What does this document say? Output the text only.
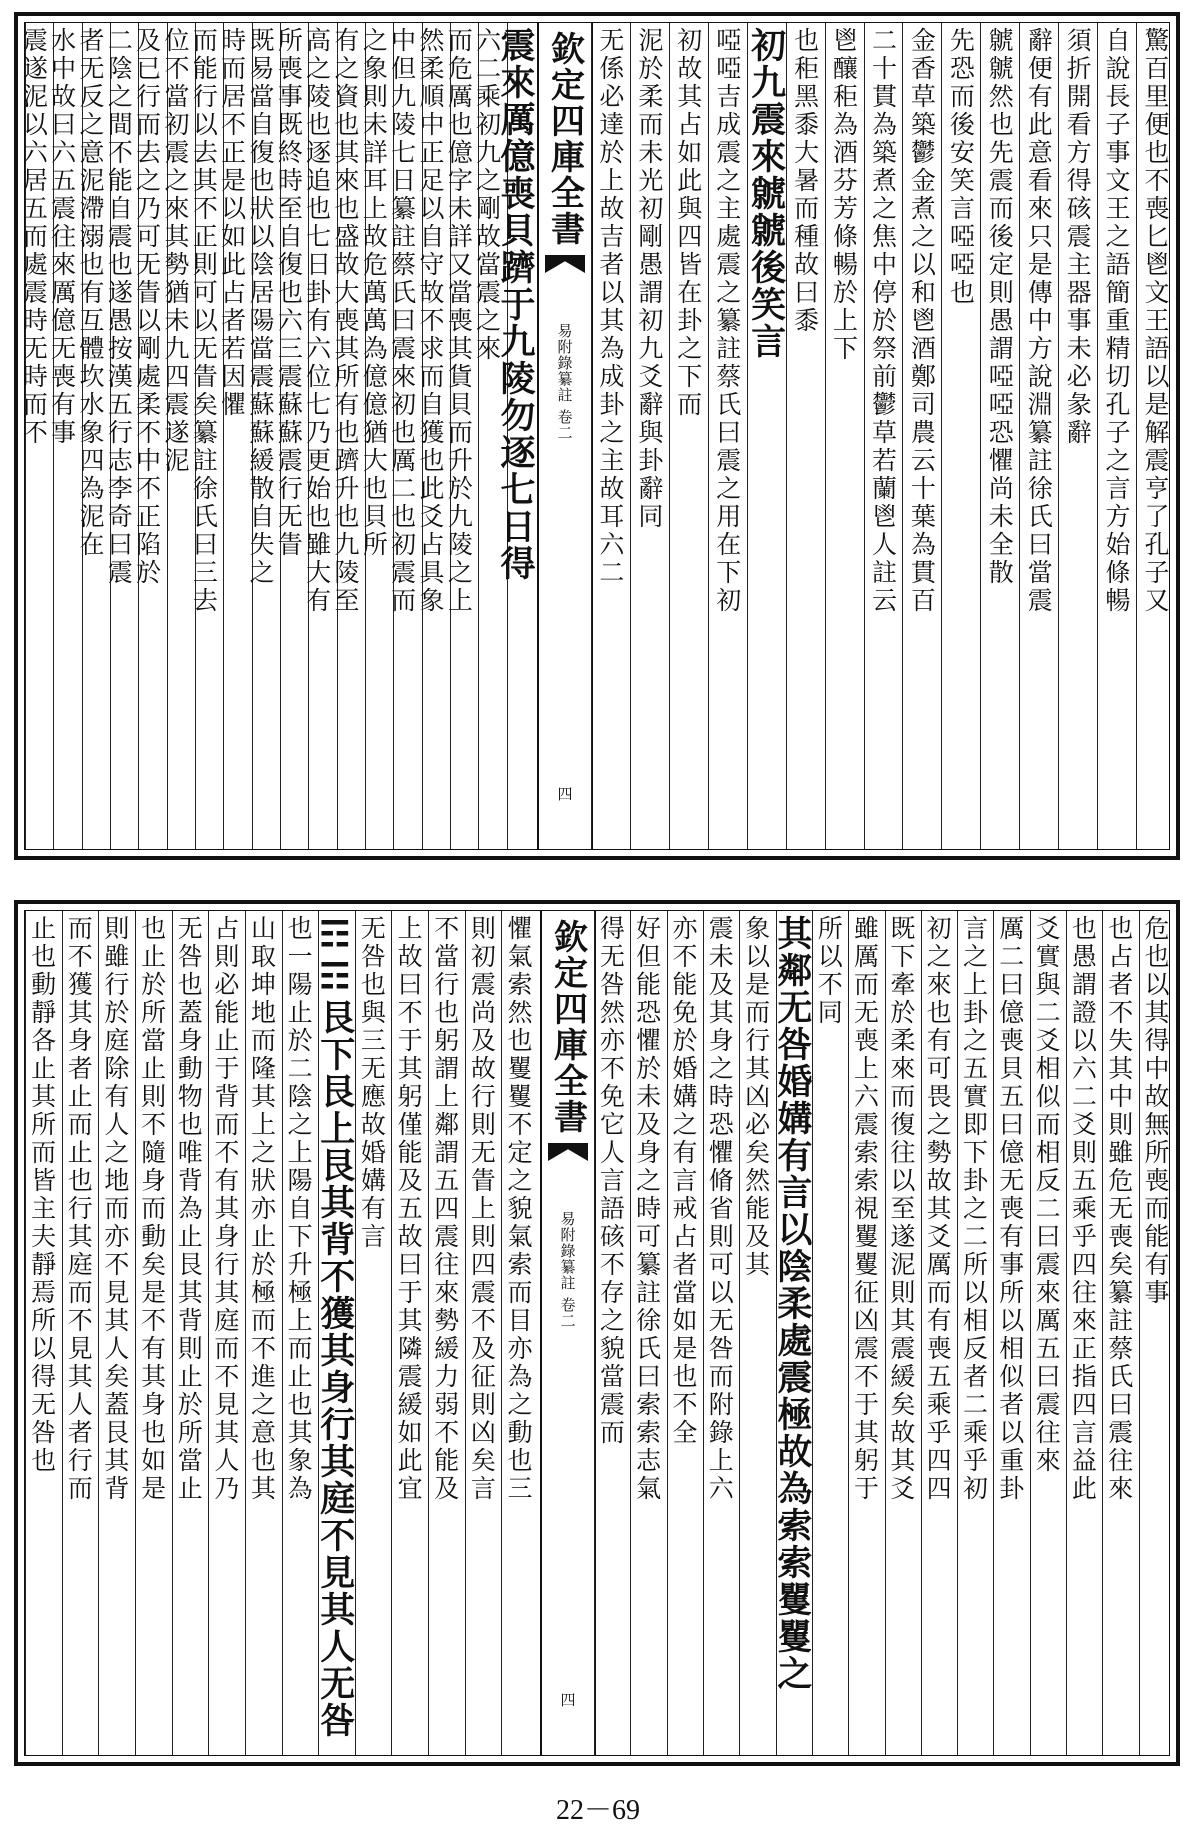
欽定四庫全書
易附錄纂註 卷二
四
驚百里便也不喪匕鬯文王語以是解震亨了孔子又
自說長子事文王之語簡重精切孔子之言方始條暢
須折開看方得硋震主器事未必彖辭
辭便有此意看來只是傳中方說淵纂註徐氏曰當震
虩虩然也先震而後定則愚謂啞啞恐懼尚未全散
先恐而後安笑言啞啞也
金香草築鬱金煮之以和鬯酒鄭司農云十葉為貫百
二十貫為築煮之焦中停於祭前鬱草若蘭鬯人註云
鬯釀秬為酒芬芳條暢於上下
也秬黑黍大暑而種故曰黍
初九震來虩虩後笑言
啞啞吉成震之主處震之纂註蔡氏曰震之用在下初
初故其占如此與四皆在卦之下而
泥於柔而未光初剛愚謂初九爻辭與卦辭同
无係必達於上故吉者以其為成卦之主故耳六二
震來厲億喪貝躋于九陵勿逐七日得
六二乘初九之剛故當震之來
而危厲也億字未詳又當喪其貨貝而升於九陵之上
然柔順中正足以自守故不求而自獲也此爻占具象
中但九陵七日纂註蔡氏曰震來初也厲二也初震而
之象則未詳耳上故危萬萬為億億猶大也貝所
有之資也其來也盛故大喪其所有也躋升也九陵至
高之陵也逐追也七日卦有六位七乃更始也雖大有
所喪事既終時至自復也六三震蘇蘇震行无眚
既易當自復也狀以陰居陽當震蘇蘇緩散自失之
時而居不正是以如此占者若因懼
而能行以去其不正則可以无眚矣纂註徐氏曰三去
位不當初震之來其勢猶未九四震遂泥
及已行而去之乃可无眚以剛處柔不中不正陷於
二陰之間不能自震也遂愚按漢五行志李奇曰震
者无反之意泥滯溺也有互體坎水象四為泥在
水中故曰六五震往來厲億无喪有事
震遂泥以六居五而處震時无時而不
欽定四庫全書
易附錄纂註 卷二
四
危也以其得中故無所喪而能有事
也占者不失其中則雖危无喪矣纂註蔡氏曰震往來
也愚謂證以六二爻則五乘乎四往來正指四言益此
爻實與二爻相似而相反二曰震來厲五曰震往來
厲二曰億喪貝五曰億无喪有事所以相似者以重卦
言之上卦之五實即下卦之二所以相反者二乘乎初
初之來也有可畏之勢故其爻厲而有喪五乘乎四四
既下牽於柔來而復往以至遂泥則其震緩矣故其爻
雖厲而无喪上六震索索視矍矍征凶震不于其躬于
所以不同
其鄰无咎婚媾有言以陰柔處震極故為索索矍矍之
象以是而行其凶必矣然能及其
震未及其身之時恐懼脩省則可以无咎而附錄上六
亦不能免於婚媾之有言戒占者當如是也不全
好但能恐懼於未及身之時可纂註徐氏曰索索志氣
得无咎然亦不免它人言語硋不存之貌當震而
懼氣索然也矍矍不定之貌氣索而目亦為之動也三
則初震尚及故行則无眚上則四震不及征則凶矣言
不當行也躬謂上鄰謂五四震往來勢緩力弱不能及
上故曰不于其躬僅能及五故曰于其隣震緩如此宜
无咎也與三无應故婚媾有言
☶☶艮下艮上艮其背不獲其身行其庭不見其人无咎
也一陽止於二陰之上陽自下升極上而止也其象為
山取坤地而隆其上之狀亦止於極而不進之意也其
占則必能止于背而不有其身行其庭而不見其人乃
无咎也蓋身動物也唯背為止艮其背則止於所當止
也止於所當止則不隨身而動矣是不有其身也如是
則雖行於庭除有人之地而亦不見其人矣蓋艮其背
而不獲其身者止而止也行其庭而不見其人者行而
止也動靜各止其所而皆主夫靜焉所以得无咎也
22－69
